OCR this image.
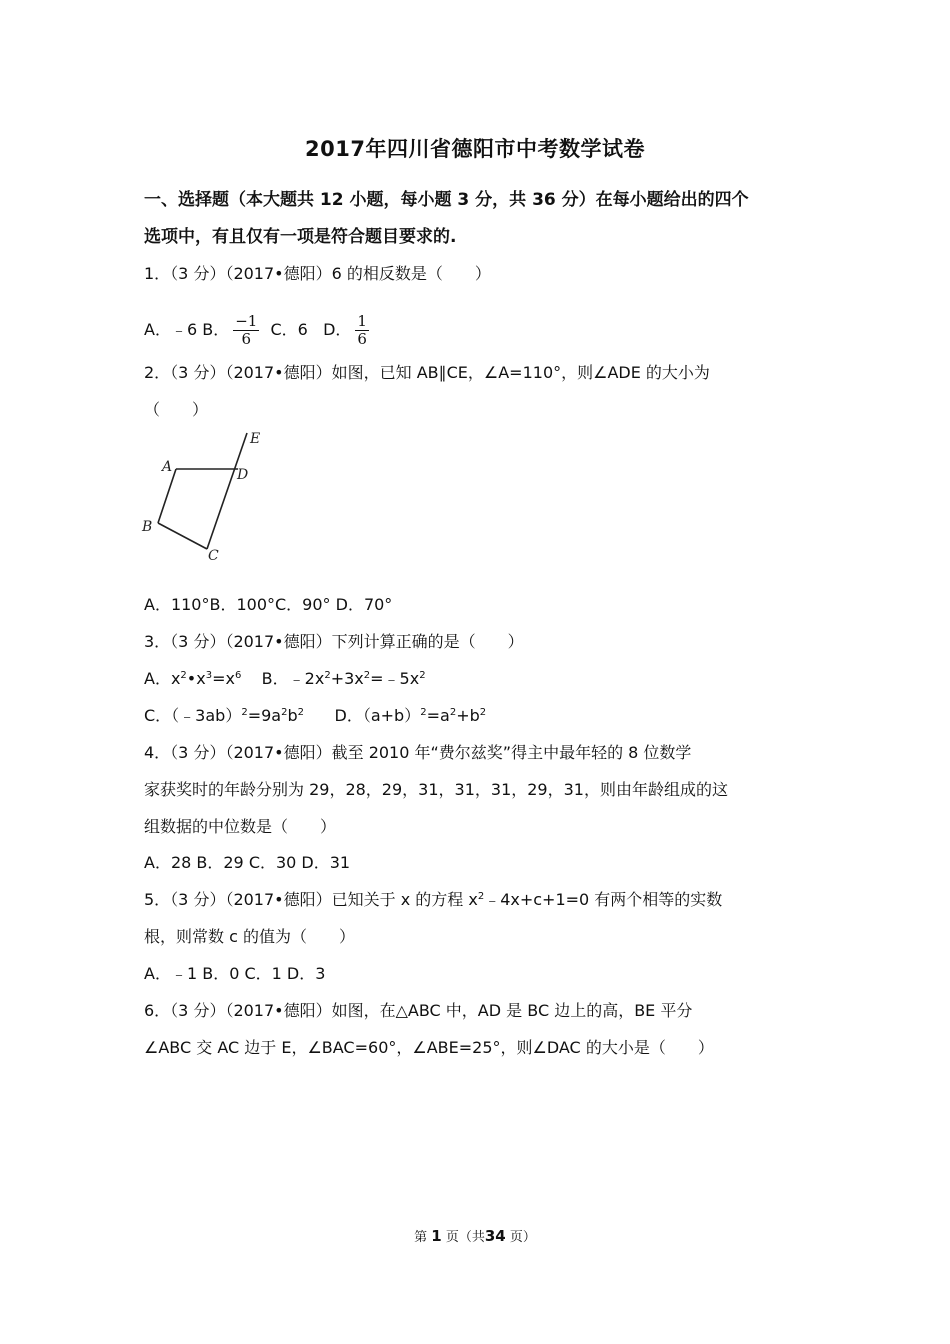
2017年四川省德阳市中考数学试卷
一、选择题（本大题共 12 小题，每小题 3 分，共 36 分）在每小题给出的四个
选项中，有且仅有一项是符合题目要求的.
1．（3 分）（2017•德阳）6 的相反数是（　　）
A．﹣6 B． $\frac{-1}{6}$ C．6 D． $\frac{1}{6}$
2．（3 分）（2017•德阳）如图，已知 AB∥CE，∠A=110°，则∠ADE 的大小为
（　　）
E
A	D
B
C
A．110°B．100°C．90° D．70°
3．（3 分）（2017•德阳）下列计算正确的是（　　）
A．$x^2•x^3=x^6$ B．$﹣2x^2+3x^2=﹣5x^2$
C．$(﹣3ab)^2=9a^2b^2$ D．$(a+b)^2=a^2+b^2$
4．（3 分）（2017•德阳）截至 2010 年“费尔兹奖”得主中最年轻的 8 位数学
家获奖时的年龄分别为 29，28，29，31，31，31，29，31，则由年龄组成的这
组数据的中位数是（　　）
A．28 B．29 C．30 D．31
5．（3 分）（2017•德阳）已知关于 x 的方程 $x^2﹣4x+c+1=0$ 有两个相等的实数
根，则常数 c 的值为（　　）
A．﹣1 B．0 C．1 D．3
6．（3 分）（2017•德阳）如图，在△ABC 中，AD 是 BC 边上的高，BE 平分
∠ABC 交 AC 边于 E，∠BAC=60°，∠ABE=25°，则∠DAC 的大小是（　　）
第 1 页（共34 页）
